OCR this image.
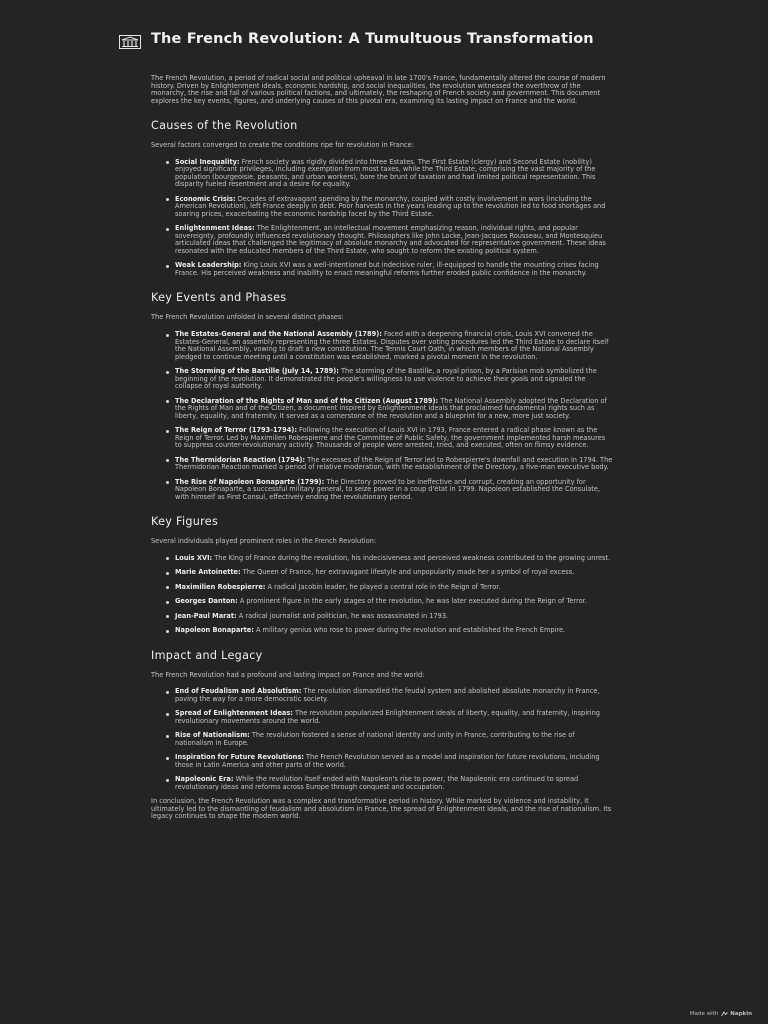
The French Revolution: A Tumultuous Transformation

The French Revolution, a period of radical social and political upheaval in late 1700's France, fundamentally altered the course of modern history. Driven by Enlightenment ideals, economic hardship, and social inequalities, the revolution witnessed the overthrow of the monarchy, the rise and fall of various political factions, and ultimately, the reshaping of French society and government. This document explores the key events, figures, and underlying causes of this pivotal era, examining its lasting impact on France and the world.

Causes of the Revolution

Several factors converged to create the conditions ripe for revolution in France:

Social Inequality: French society was rigidly divided into three Estates. The First Estate (clergy) and Second Estate (nobility) enjoyed significant privileges, including exemption from most taxes, while the Third Estate, comprising the vast majority of the population (bourgeoisie, peasants, and urban workers), bore the brunt of taxation and had limited political representation. This disparity fueled resentment and a desire for equality.
Economic Crisis: Decades of extravagant spending by the monarchy, coupled with costly involvement in wars (including the American Revolution), left France deeply in debt. Poor harvests in the years leading up to the revolution led to food shortages and soaring prices, exacerbating the economic hardship faced by the Third Estate.
Enlightenment Ideas: The Enlightenment, an intellectual movement emphasizing reason, individual rights, and popular sovereignty, profoundly influenced revolutionary thought. Philosophers like John Locke, Jean-Jacques Rousseau, and Montesquieu articulated ideas that challenged the legitimacy of absolute monarchy and advocated for representative government. These ideas resonated with the educated members of the Third Estate, who sought to reform the existing political system.
Weak Leadership: King Louis XVI was a well-intentioned but indecisive ruler, ill-equipped to handle the mounting crises facing France. His perceived weakness and inability to enact meaningful reforms further eroded public confidence in the monarchy.
Key Events and Phases

The French Revolution unfolded in several distinct phases:

The Estates-General and the National Assembly (1789): Faced with a deepening financial crisis, Louis XVI convened the Estates-General, an assembly representing the three Estates. Disputes over voting procedures led the Third Estate to declare itself the National Assembly, vowing to draft a new constitution. The Tennis Court Oath, in which members of the National Assembly pledged to continue meeting until a constitution was established, marked a pivotal moment in the revolution.
The Storming of the Bastille (July 14, 1789): The storming of the Bastille, a royal prison, by a Parisian mob symbolized the beginning of the revolution. It demonstrated the people's willingness to use violence to achieve their goals and signaled the collapse of royal authority.
The Declaration of the Rights of Man and of the Citizen (August 1789): The National Assembly adopted the Declaration of the Rights of Man and of the Citizen, a document inspired by Enlightenment ideals that proclaimed fundamental rights such as liberty, equality, and fraternity. It served as a cornerstone of the revolution and a blueprint for a new, more just society.
The Reign of Terror (1793-1794): Following the execution of Louis XVI in 1793, France entered a radical phase known as the Reign of Terror. Led by Maximilien Robespierre and the Committee of Public Safety, the government implemented harsh measures to suppress counter-revolutionary activity. Thousands of people were arrested, tried, and executed, often on flimsy evidence.
The Thermidorian Reaction (1794): The excesses of the Reign of Terror led to Robespierre's downfall and execution in 1794. The Thermidorian Reaction marked a period of relative moderation, with the establishment of the Directory, a five-man executive body.
The Rise of Napoleon Bonaparte (1799): The Directory proved to be ineffective and corrupt, creating an opportunity for Napoleon Bonaparte, a successful military general, to seize power in a coup d'état in 1799. Napoleon established the Consulate, with himself as First Consul, effectively ending the revolutionary period.
Key Figures

Several individuals played prominent roles in the French Revolution:

Louis XVI: The King of France during the revolution, his indecisiveness and perceived weakness contributed to the growing unrest.
Marie Antoinette: The Queen of France, her extravagant lifestyle and unpopularity made her a symbol of royal excess.
Maximilien Robespierre: A radical Jacobin leader, he played a central role in the Reign of Terror.
Georges Danton: A prominent figure in the early stages of the revolution, he was later executed during the Reign of Terror.
Jean-Paul Marat: A radical journalist and politician, he was assassinated in 1793.
Napoleon Bonaparte: A military genius who rose to power during the revolution and established the French Empire.
Impact and Legacy

The French Revolution had a profound and lasting impact on France and the world:

End of Feudalism and Absolutism: The revolution dismantled the feudal system and abolished absolute monarchy in France, paving the way for a more democratic society.
Spread of Enlightenment Ideas: The revolution popularized Enlightenment ideals of liberty, equality, and fraternity, inspiring revolutionary movements around the world.
Rise of Nationalism: The revolution fostered a sense of national identity and unity in France, contributing to the rise of nationalism in Europe.
Inspiration for Future Revolutions: The French Revolution served as a model and inspiration for future revolutions, including those in Latin America and other parts of the world.
Napoleonic Era: While the revolution itself ended with Napoleon's rise to power, the Napoleonic era continued to spread revolutionary ideas and reforms across Europe through conquest and occupation.

In conclusion, the French Revolution was a complex and transformative period in history. While marked by violence and instability, it ultimately led to the dismantling of feudalism and absolutism in France, the spread of Enlightenment ideals, and the rise of nationalism. Its legacy continues to shape the modern world.

Made with Napkin
